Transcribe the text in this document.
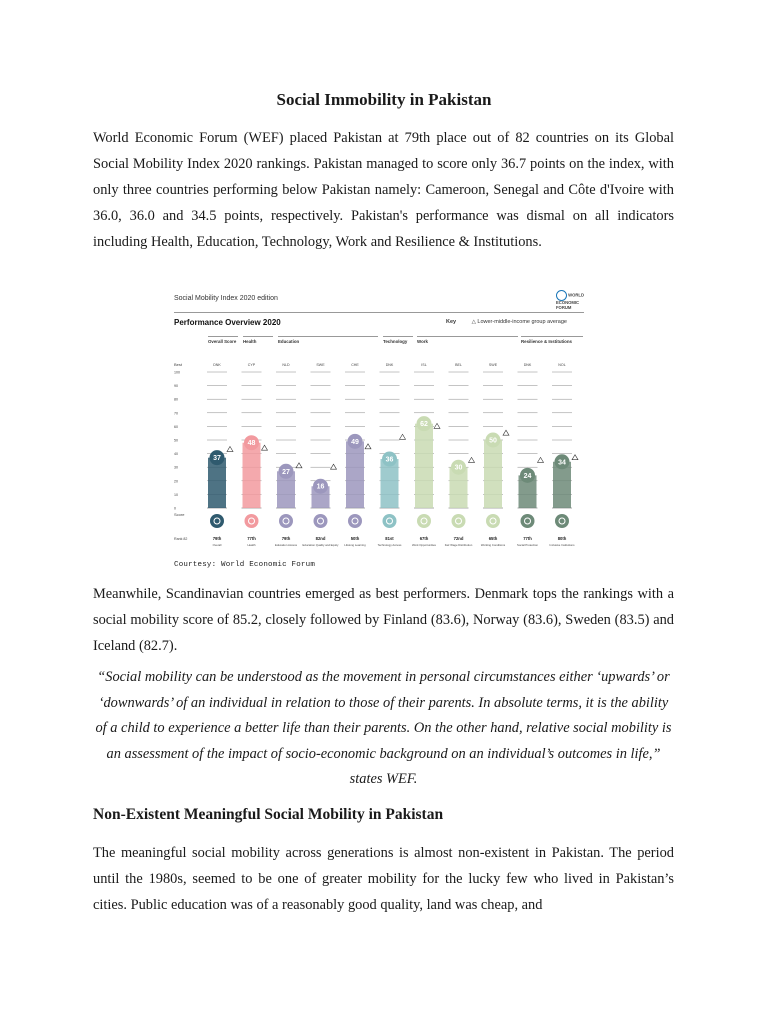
Social Immobility in Pakistan

World Economic Forum (WEF) placed Pakistan at 79th place out of 82 countries on its Global Social Mobility Index 2020 rankings. Pakistan managed to score only 36.7 points on the index, with only three countries performing below Pakistan namely: Cameroon, Senegal and Côte d'Ivoire with 36.0, 36.0 and 34.5 points, respectively. Pakistan's performance was dismal on all indicators including Health, Education, Technology, Work and Resilience & Institutions.

Social Mobility Index 2020 edition	WORLD
ECONOMIC
FORUM
Performance Overview 2020	Key	△ Lower-middle-income group average
Overall Score	Health	Education	Technology	Work	Resilience & Institutions
Best
0
10
20
30
40
50
60
70
80
90
100
Score
DNK
37
79th
Overall
CYP
48
77th
Health
NLD
27
79th
Education Access
SWE
16
82nd
Education Quality and Equity
CHE
49
50th
Lifelong Learning
DNK
36
81st
Technology Access
ISL
62
67th
Work Opportunities
BEL
30
72nd
Fair Wage Distribution
SWE
50
65th
Working Conditions
DNK
24
77th
Social Protection
NOL
34
80th
Inclusive Institutions
Rank 82
Courtesy: World Economic Forum

Meanwhile, Scandinavian countries emerged as best performers. Denmark tops the rankings with a social mobility score of 85.2, closely followed by Finland (83.6), Norway (83.6), Sweden (83.5) and Iceland (82.7).

“Social mobility can be understood as the movement in personal circumstances either ‘upwards’ or ‘downwards’ of an individual in relation to those of their parents. In absolute terms, it is the ability of a child to experience a better life than their parents. On the other hand, relative social mobility is an assessment of the impact of socio-economic background on an individual’s outcomes in life,” states WEF.

Non-Existent Meaningful Social Mobility in Pakistan

The meaningful social mobility across generations is almost non-existent in Pakistan. The period until the 1980s, seemed to be one of greater mobility for the lucky few who lived in Pakistan’s cities. Public education was of a reasonably good quality, land was cheap, and
